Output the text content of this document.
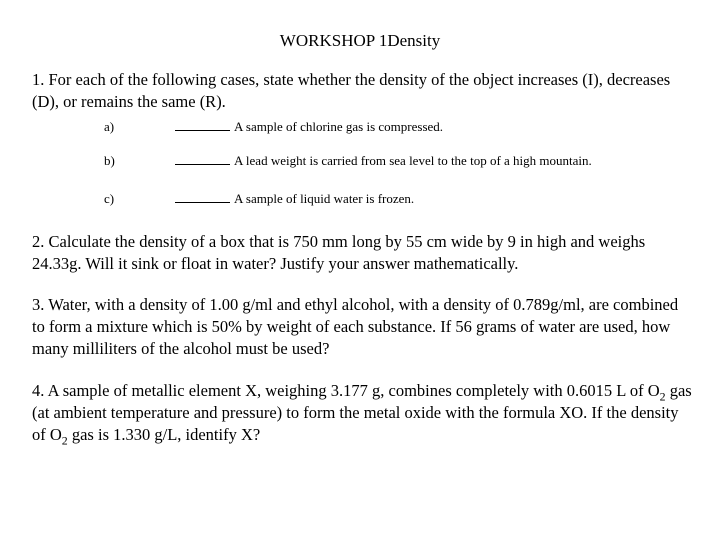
WORKSHOP 1Density

1. For each of the following cases, state whether the density of the object increases (I), decreases (D), or remains the same (R).

a)	A sample of chlorine gas is compressed.
b)	A lead weight is carried from sea level to the top of a high mountain.
c)	A sample of liquid water is frozen.

2. Calculate the density of a box that is 750 mm long by 55 cm wide by 9 in high and weighs 24.33g. Will it sink or float in water? Justify your answer mathematically.

3. Water, with a density of 1.00 g/ml and ethyl alcohol, with a density of 0.789g/ml, are combined to form a mixture which is 50% by weight of each substance. If 56 grams of water are used, how many milliliters of the alcohol must be used?

4. A sample of metallic element X, weighing 3.177 g, combines completely with 0.6015 L of $O_2$ gas (at ambient temperature and pressure) to form the metal oxide with the formula XO. If the density of $O_2$ gas is 1.330 g/L, identify X?
